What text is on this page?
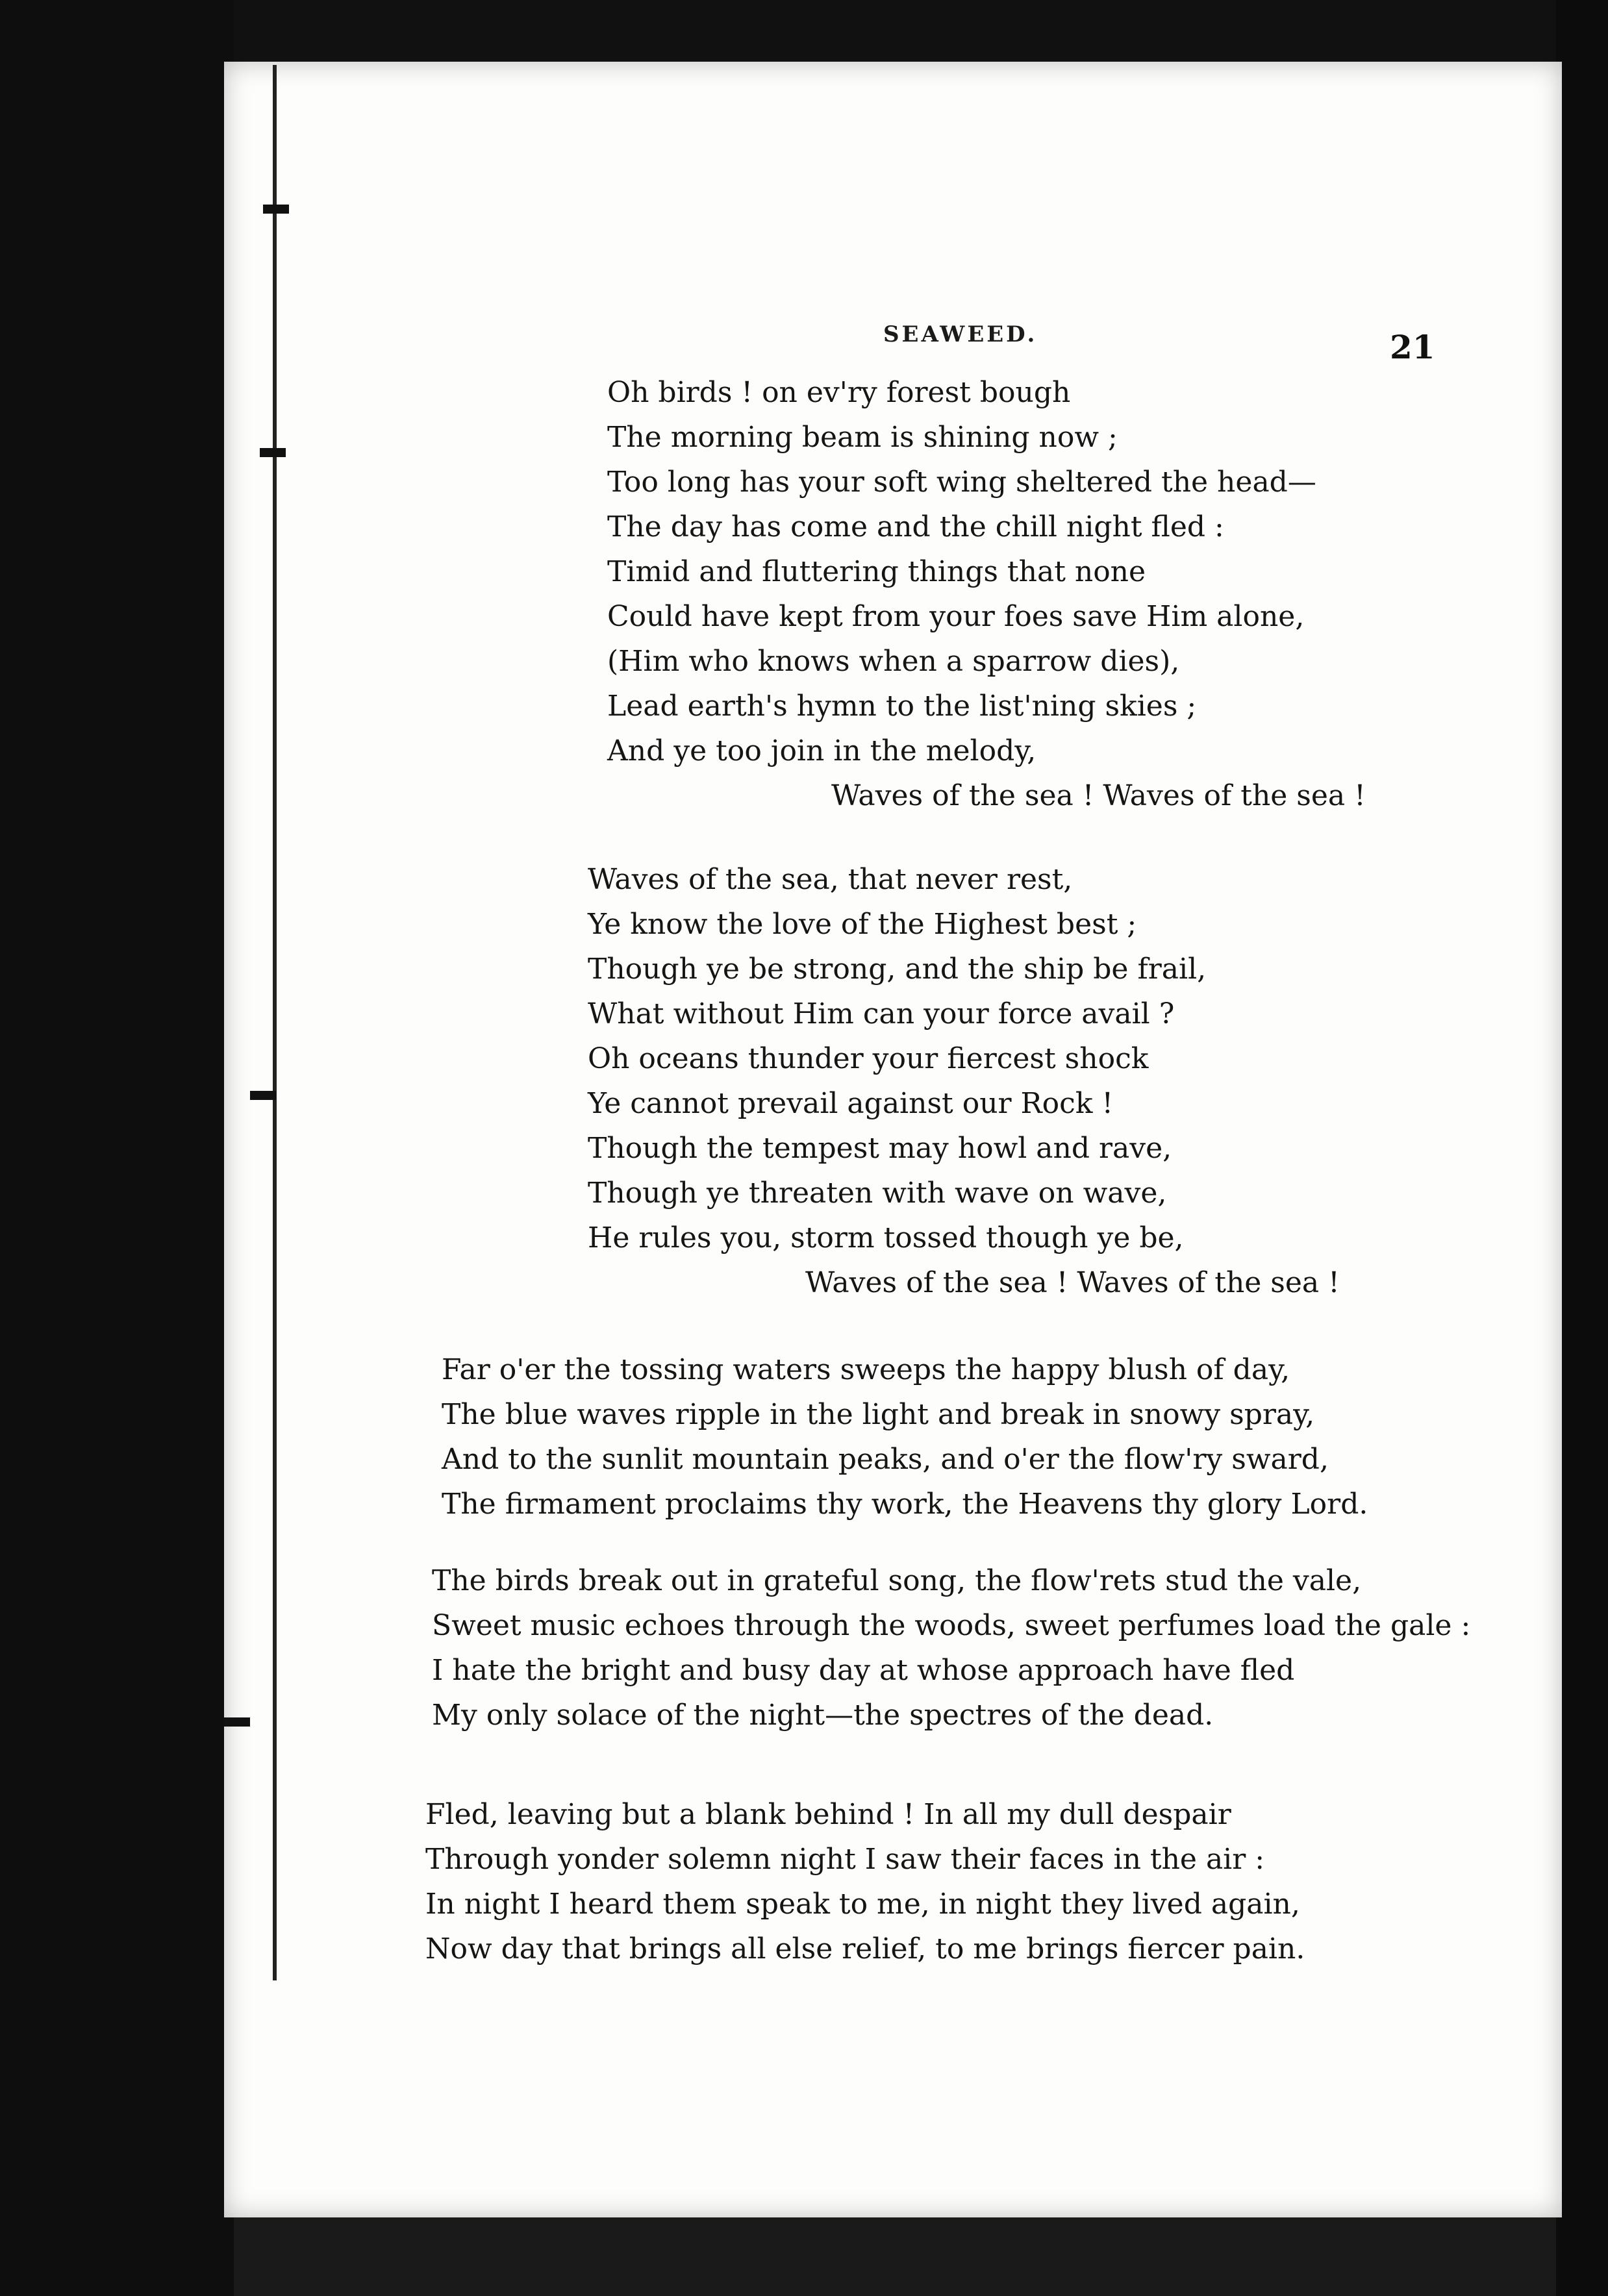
SEAWEED.	21
Oh birds ! on ev'ry forest bough
The morning beam is shining now ;
Too long has your soft wing sheltered the head—
The day has come and the chill night fled :
Timid and fluttering things that none
Could have kept from your foes save Him alone,
(Him who knows when a sparrow dies),
Lead earth's hymn to the list'ning skies ;
And ye too join in the melody,
Waves of the sea ! Waves of the sea !
Waves of the sea, that never rest,
Ye know the love of the Highest best ;
Though ye be strong, and the ship be frail,
What without Him can your force avail ?
Oh oceans thunder your fiercest shock
Ye cannot prevail against our Rock !
Though the tempest may howl and rave,
Though ye threaten with wave on wave,
He rules you, storm tossed though ye be,
Waves of the sea ! Waves of the sea !
Far o'er the tossing waters sweeps the happy blush of day,
The blue waves ripple in the light and break in snowy spray,
And to the sunlit mountain peaks, and o'er the flow'ry sward,
The firmament proclaims thy work, the Heavens thy glory Lord.
The birds break out in grateful song, the flow'rets stud the vale,
Sweet music echoes through the woods, sweet perfumes load the gale :
I hate the bright and busy day at whose approach have fled
My only solace of the night—the spectres of the dead.
Fled, leaving but a blank behind ! In all my dull despair
Through yonder solemn night I saw their faces in the air :
In night I heard them speak to me, in night they lived again,
Now day that brings all else relief, to me brings fiercer pain.
